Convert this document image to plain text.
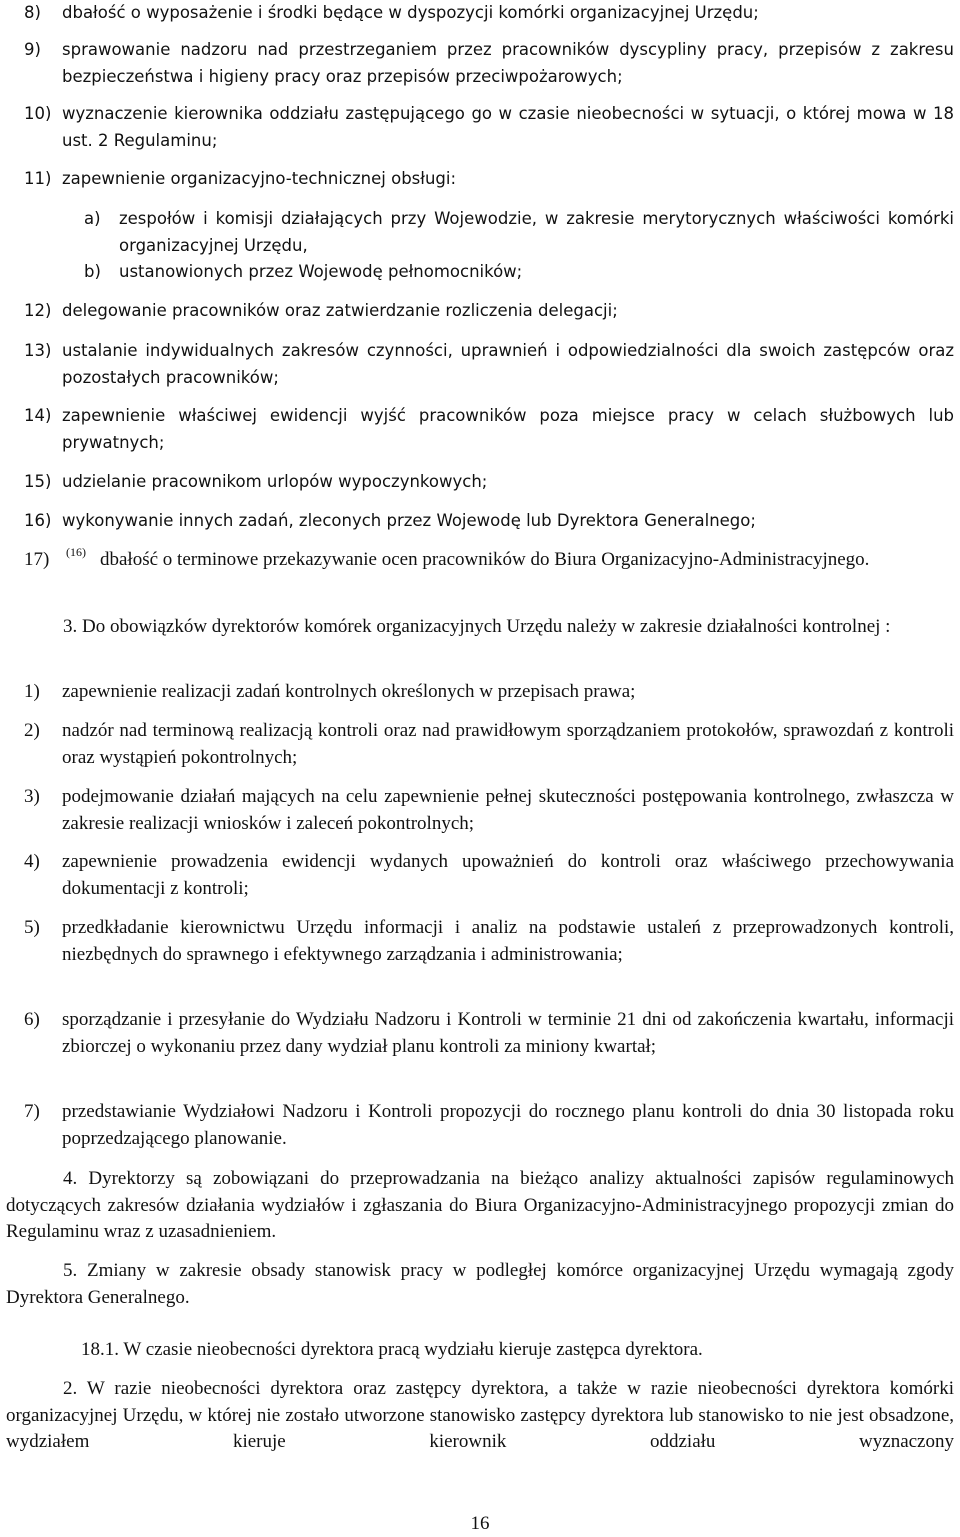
8) dbałość o wyposażenie i środki będące w dyspozycji komórki organizacyjnej Urzędu;
9) sprawowanie nadzoru nad przestrzeganiem przez pracowników dyscypliny pracy, przepisów z zakresu bezpieczeństwa i higieny pracy oraz przepisów przeciwpożarowych;
10) wyznaczenie kierownika oddziału zastępującego go w czasie nieobecności w sytuacji, o której mowa w 18 ust. 2 Regulaminu;
11) zapewnienie organizacyjno-technicznej obsługi:
a) zespołów i komisji działających przy Wojewodzie, w zakresie merytorycznych właściwości komórki organizacyjnej Urzędu,
b) ustanowionych przez Wojewodę pełnomocników;
12) delegowanie pracowników oraz zatwierdzanie rozliczenia delegacji;
13) ustalanie indywidualnych zakresów czynności, uprawnień i odpowiedzialności dla swoich zastępców oraz pozostałych pracowników;
14) zapewnienie właściwej ewidencji wyjść pracowników poza miejsce pracy w celach służbowych lub prywatnych;
15) udzielanie pracownikom urlopów wypoczynkowych;
16) wykonywanie innych zadań, zleconych przez Wojewodę lub Dyrektora Generalnego;
17)	$^{(16)}$ dbałość o terminowe przekazywanie ocen pracowników do Biura Organizacyjno-Administracyjnego.
3. Do obowiązków dyrektorów komórek organizacyjnych Urzędu należy w zakresie działalności kontrolnej :
1) zapewnienie realizacji zadań kontrolnych określonych w przepisach prawa;
2) nadzór nad terminową realizacją kontroli oraz nad prawidłowym sporządzaniem protokołów, sprawozdań z kontroli oraz wystąpień pokontrolnych;
3) podejmowanie działań mających na celu zapewnienie pełnej skuteczności postępowania kontrolnego, zwłaszcza w zakresie realizacji wniosków i zaleceń pokontrolnych;
4) zapewnienie prowadzenia ewidencji wydanych upoważnień do kontroli oraz właściwego przechowywania dokumentacji z kontroli;
5) przedkładanie kierownictwu Urzędu informacji i analiz na podstawie ustaleń z przeprowadzonych kontroli, niezbędnych do sprawnego i efektywnego zarządzania i administrowania;
6) sporządzanie i przesyłanie do Wydziału Nadzoru i Kontroli w terminie 21 dni od zakończenia kwartału, informacji zbiorczej o wykonaniu przez dany wydział planu kontroli za miniony kwartał;
7) przedstawianie Wydziałowi Nadzoru i Kontroli propozycji do rocznego planu kontroli do dnia 30 listopada roku poprzedzającego planowanie.
4. Dyrektorzy są zobowiązani do przeprowadzania na bieżąco analizy aktualności zapisów regulaminowych dotyczących zakresów działania wydziałów i zgłaszania do Biura Organizacyjno-Administracyjnego propozycji zmian do Regulaminu wraz z uzasadnieniem.
5. Zmiany w zakresie obsady stanowisk pracy w podległej komórce organizacyjnej Urzędu wymagają zgody Dyrektora Generalnego.
18.1. W czasie nieobecności dyrektora pracą wydziału kieruje zastępca dyrektora.
2. W razie nieobecności dyrektora oraz zastępcy dyrektora, a także w razie nieobecności dyrektora komórki organizacyjnej Urzędu, w której nie zostało utworzone stanowisko zastępcy dyrektora lub stanowisko to nie jest obsadzone, wydziałem kieruje kierownik oddziału wyznaczony
16
